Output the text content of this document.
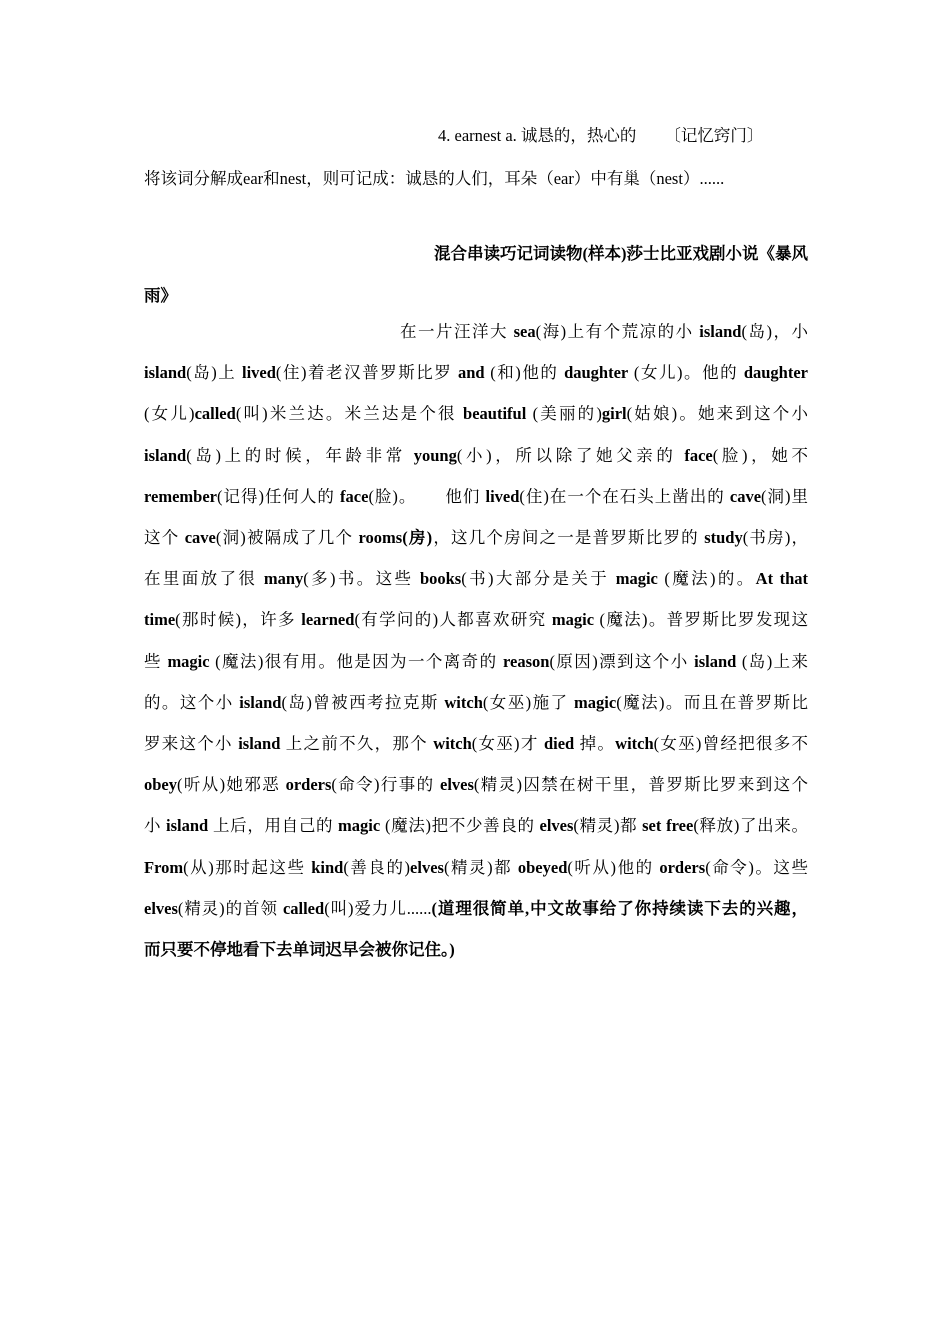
4. earnest a. 诚恳的，热心的 〔记忆窍门〕
将该词分解成ear和nest，则可记成：诚恳的人们，耳朵（ear）中有巢（nest）......
混合串读巧记词读物(样本)莎士比亚戏剧小说《暴风
雨》
在一片汪洋大 sea(海)上有个荒凉的小 island(岛)，小
island(岛)上 lived(住)着老汉普罗斯比罗 and (和)他的 daughter (女儿)。他的 daughter
(女儿)called(叫)米兰达。米兰达是个很 beautiful (美丽的)girl(姑娘)。她来到这个小
island(岛)上的时候，年龄非常 young(小)，所以除了她父亲的 face(脸)，她不
remember(记得)任何人的 face(脸)。 他们 lived(住)在一个在石头上凿出的 cave(洞)里
这个 cave(洞)被隔成了几个 rooms(房)，这几个房间之一是普罗斯比罗的 study(书房)，
在里面放了很 many(多)书。这些 books(书)大部分是关于 magic (魔法)的。At that
time(那时候)，许多 learned(有学问的)人都喜欢研究 magic (魔法)。普罗斯比罗发现这
些 magic (魔法)很有用。他是因为一个离奇的 reason(原因)漂到这个小 island (岛)上来
的。这个小 island(岛)曾被西考拉克斯 witch(女巫)施了 magic(魔法)。而且在普罗斯比
罗来这个小 island 上之前不久，那个 witch(女巫)才 died 掉。witch(女巫)曾经把很多不
obey(听从)她邪恶 orders(命令)行事的 elves(精灵)囚禁在树干里，普罗斯比罗来到这个
小 island 上后，用自己的 magic (魔法)把不少善良的 elves(精灵)都 set free(释放)了出来。
From(从)那时起这些 kind(善良的)elves(精灵)都 obeyed(听从)他的 orders(命令)。这些
elves(精灵)的首领 called(叫)爱力儿......(道理很简单,中文故事给了你持续读下去的兴趣，
而只要不停地看下去单词迟早会被你记住。)
